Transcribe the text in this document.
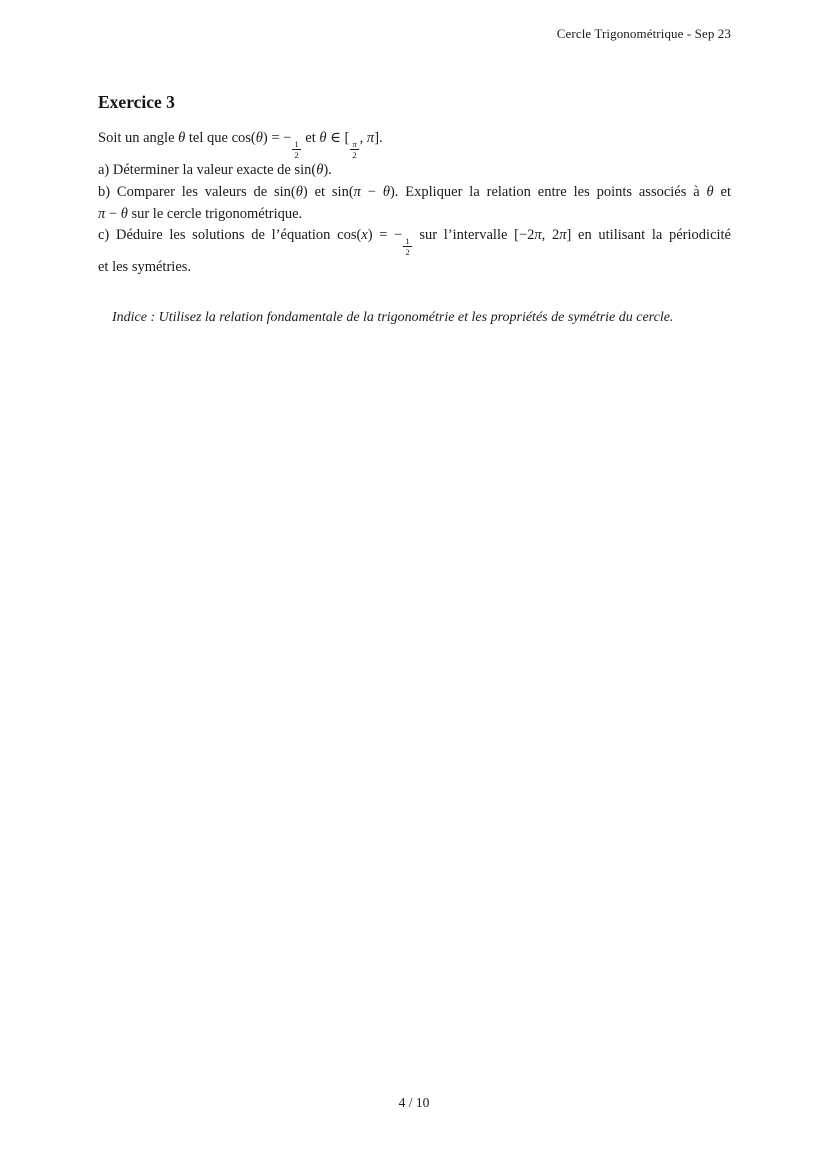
Cercle Trigonométrique - Sep 23
Exercice 3
Soit un angle θ tel que cos(θ) = −
$\frac{1}{2}$
et θ ∈ [
$\frac{\pi}{2}$
, π].
a) Déterminer la valeur exacte de sin(θ).
b) Comparer les valeurs de sin(θ) et sin(π − θ). Expliquer la relation entre les points associés à θ et
π − θ sur le cercle trigonométrique.
c) Déduire les solutions de l’équation cos(x) = −
$\frac{1}{2}$
sur l’intervalle [−2π, 2π] en utilisant la périodicité
et les symétries.
Indice : Utilisez la relation fondamentale de la trigonométrie et les propriétés de symétrie du cercle.
4 / 10
